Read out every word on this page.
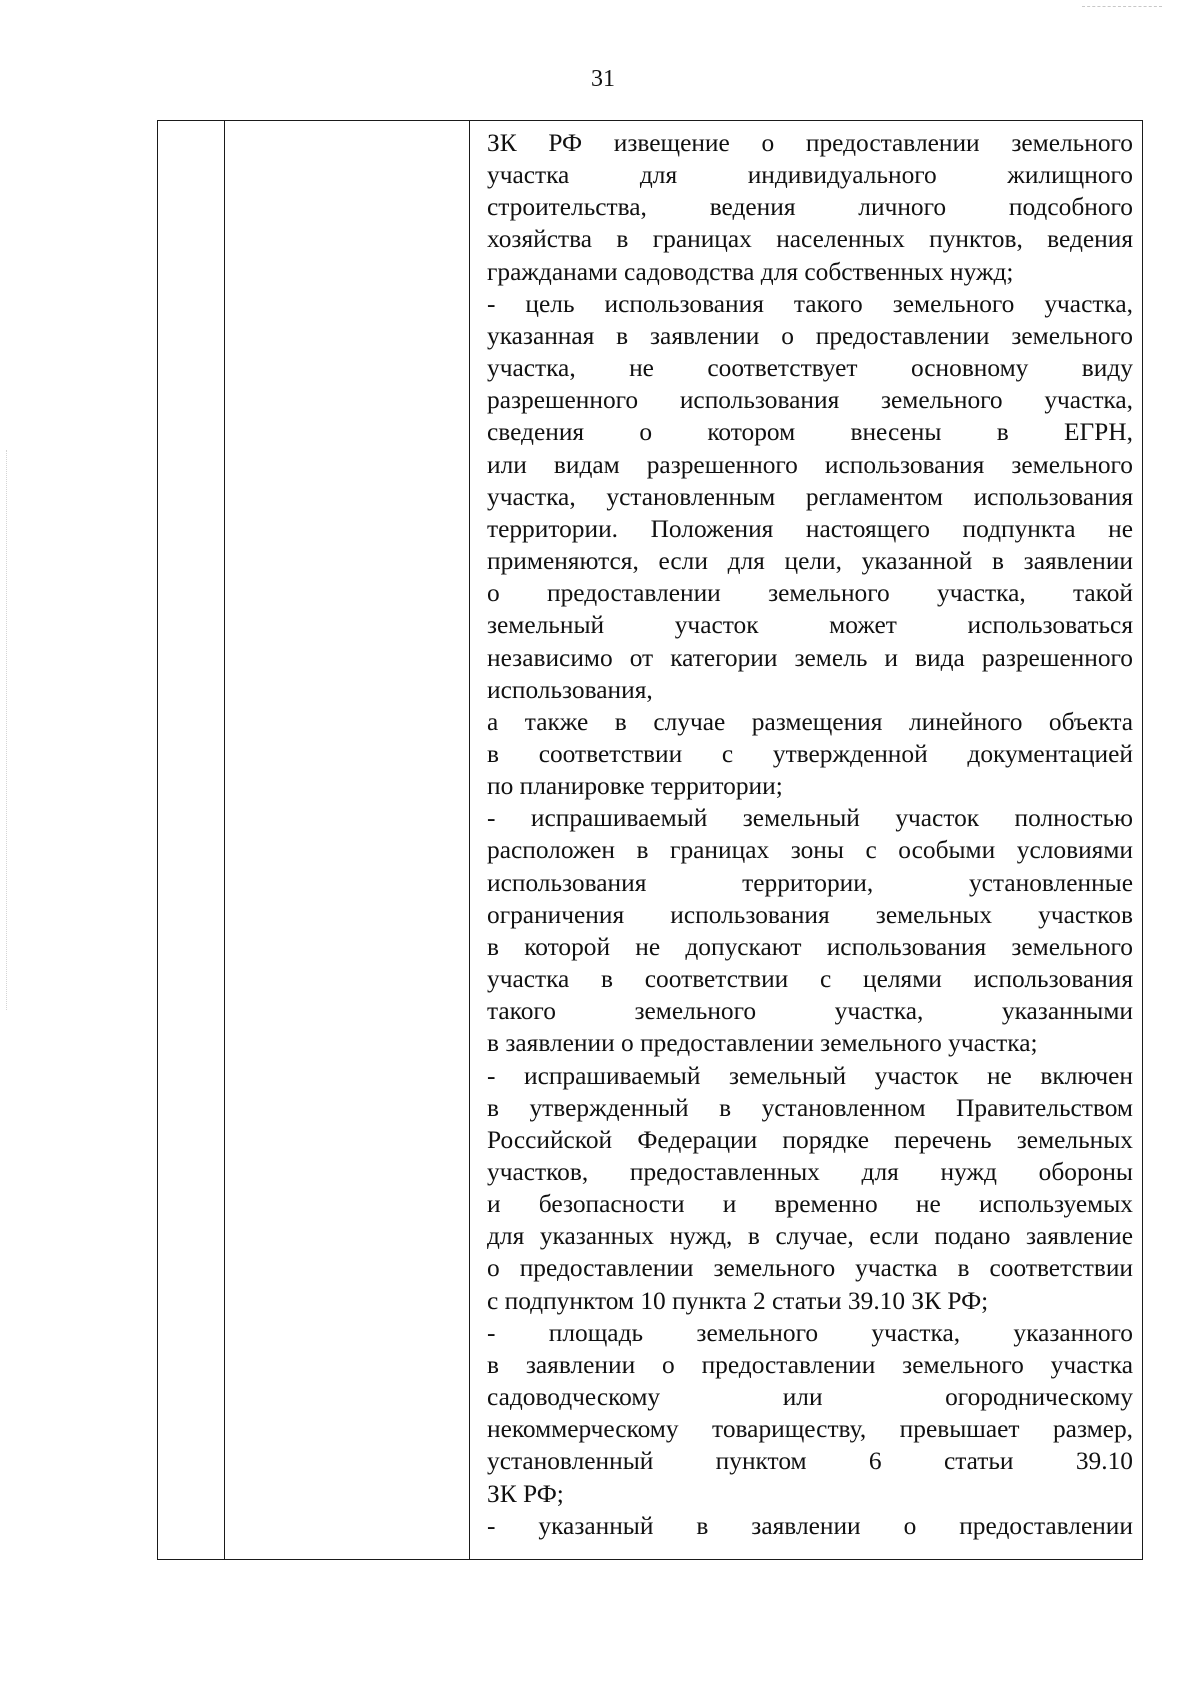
31
ЗК РФ извещение о предоставлении земельного
участка для индивидуального жилищного
строительства, ведения личного подсобного
хозяйства в границах населенных пунктов, ведения
гражданами садоводства для собственных нужд;
- цель использования такого земельного участка,
указанная в заявлении о предоставлении земельного
участка, не соответствует основному виду
разрешенного использования земельного участка,
сведения о котором внесены в ЕГРН,
или видам разрешенного использования земельного
участка, установленным регламентом использования
территории. Положения настоящего подпункта не
применяются, если для цели, указанной в заявлении
о предоставлении земельного участка, такой
земельный участок может использоваться
независимо от категории земель и вида разрешенного
использования,
а также в случае размещения линейного объекта
в соответствии с утвержденной документацией
по планировке территории;
- испрашиваемый земельный участок полностью
расположен в границах зоны с особыми условиями
использования территории, установленные
ограничения использования земельных участков
в которой не допускают использования земельного
участка в соответствии с целями использования
такого земельного участка, указанными
в заявлении о предоставлении земельного участка;
- испрашиваемый земельный участок не включен
в утвержденный в установленном Правительством
Российской Федерации порядке перечень земельных
участков, предоставленных для нужд обороны
и безопасности и временно не используемых
для указанных нужд, в случае, если подано заявление
о предоставлении земельного участка в соответствии
с подпунктом 10 пункта 2 статьи 39.10 ЗК РФ;
- площадь земельного участка, указанного
в заявлении о предоставлении земельного участка
садоводческому или огородническому
некоммерческому товариществу, превышает размер,
установленный пунктом 6 статьи 39.10
ЗК РФ;
- указанный в заявлении о предоставлении
